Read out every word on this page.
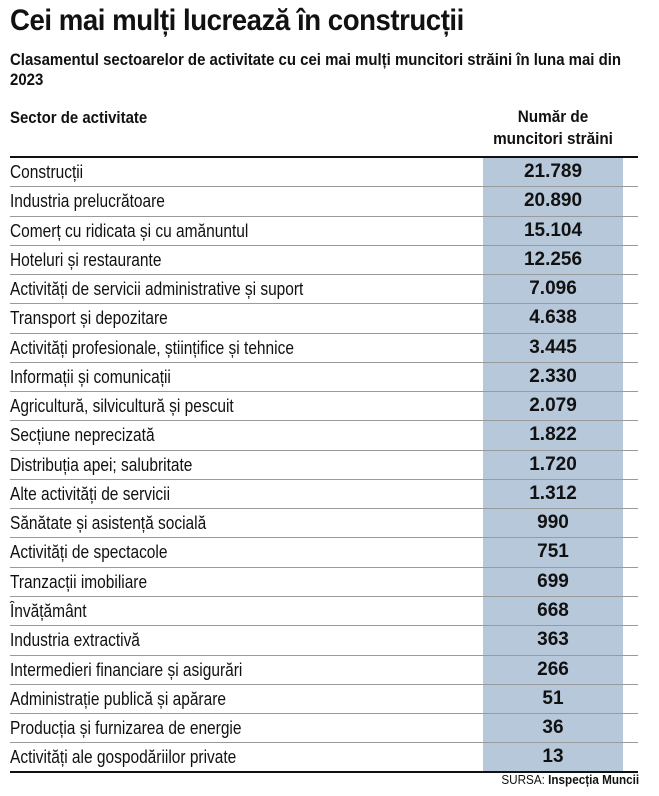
Cei mai mulți lucrează în construcții

Clasamentul sectoarelor de activitate cu cei mai mulți muncitori străini în luna mai din 2023

Sector de activitate	Număr de
muncitori străini
Construcții	21.789
Industria prelucrătoare	20.890
Comerț cu ridicata și cu amănuntul	15.104
Hoteluri și restaurante	12.256
Activități de servicii administrative și suport	7.096
Transport și depozitare	4.638
Activități profesionale, științifice și tehnice	3.445
Informații și comunicații	2.330
Agricultură, silvicultură și pescuit	2.079
Secțiune neprecizată	1.822
Distribuția apei; salubritate	1.720
Alte activități de servicii	1.312
Sănătate și asistență socială	990
Activități de spectacole	751
Tranzacții imobiliare	699
Învățământ	668
Industria extractivă	363
Intermedieri financiare și asigurări	266
Administrație publică și apărare	51
Producția și furnizarea de energie	36
Activități ale gospodăriilor private	13
SURSA: Inspecția Muncii
